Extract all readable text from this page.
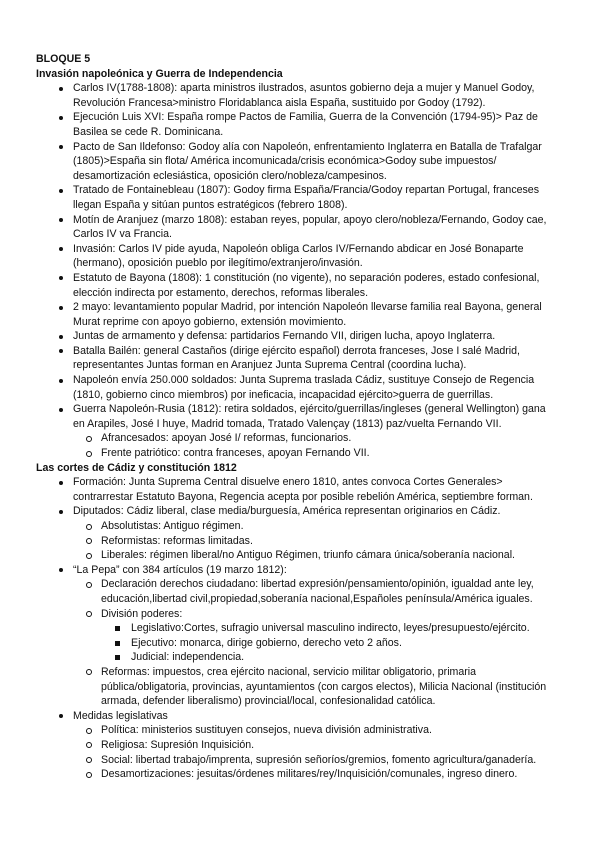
BLOQUE 5
Invasión napoleónica y Guerra de Independencia
Carlos IV(1788-1808): aparta ministros ilustrados, asuntos gobierno deja a mujer y Manuel Godoy, Revolución Francesa>ministro Floridablanca aisla España, sustituido por Godoy (1792).
Ejecución Luis XVI: España rompe Pactos de Familia, Guerra de la Convención (1794-95)> Paz de Basilea se cede R. Dominicana.
Pacto de San Ildefonso: Godoy alía con Napoleón, enfrentamiento Inglaterra en Batalla de Trafalgar (1805)>España sin flota/ América incomunicada/crisis económica>Godoy sube impuestos/ desamortización eclesiástica, oposición clero/nobleza/campesinos.
Tratado de Fontainebleau (1807): Godoy firma España/Francia/Godoy repartan Portugal, franceses llegan España y sitúan puntos estratégicos (febrero 1808).
Motín de Aranjuez (marzo 1808): estaban reyes, popular, apoyo clero/nobleza/Fernando, Godoy cae, Carlos IV va Francia.
Invasión: Carlos IV pide ayuda, Napoleón obliga Carlos IV/Fernando abdicar en José Bonaparte (hermano), oposición pueblo por ilegítimo/extranjero/invasión.
Estatuto de Bayona (1808): 1 constitución (no vigente), no separación poderes, estado confesional, elección indirecta por estamento, derechos, reformas liberales.
2 mayo: levantamiento popular Madrid, por intención Napoleón llevarse familia real Bayona, general Murat reprime con apoyo gobierno, extensión movimiento.
Juntas de armamento y defensa: partidarios Fernando VII, dirigen lucha, apoyo Inglaterra.
Batalla Bailén: general Castaños (dirige ejército español) derrota franceses, Jose I salé Madrid, representantes Juntas forman en Aranjuez Junta Suprema Central (coordina lucha).
Napoleón envía 250.000 soldados: Junta Suprema traslada Cádiz, sustituye Consejo de Regencia (1810, gobierno cinco miembros) por ineficacia, incapacidad ejército>guerra de guerrillas.
Guerra Napoleón-Rusia (1812): retira soldados, ejército/guerrillas/ingleses (general Wellington) gana en Arapiles, José I huye, Madrid tomada, Tratado Valençay (1813) paz/vuelta Fernando VII.
Afrancesados: apoyan José I/ reformas, funcionarios.
Frente patriótico: contra franceses, apoyan Fernando VII.
Las cortes de Cádiz y constitución 1812
Formación: Junta Suprema Central disuelve enero 1810, antes convoca Cortes Generales> contrarrestar Estatuto Bayona, Regencia acepta por posible rebelión América, septiembre forman.
Diputados: Cádiz liberal, clase media/burguesía, América representan originarios en Cádiz.
Absolutistas: Antiguo régimen.
Reformistas: reformas limitadas.
Liberales: régimen liberal/no Antiguo Régimen, triunfo cámara única/soberanía nacional.
“La Pepa” con 384 artículos (19 marzo 1812):
Declaración derechos ciudadano: libertad expresión/pensamiento/opinión, igualdad ante ley, educación,libertad civil,propiedad,soberanía nacional,Españoles península/América iguales.
División poderes:
Legislativo:Cortes, sufragio universal masculino indirecto, leyes/presupuesto/ejército.
Ejecutivo: monarca, dirige gobierno, derecho veto 2 años.
Judicial: independencia.
Reformas: impuestos, crea ejército nacional, servicio militar obligatorio, primaria pública/obligatoria, provincias, ayuntamientos (con cargos electos), Milicia Nacional (institución armada, defender liberalismo) provincial/local, confesionalidad católica.
Medidas legislativas
Política: ministerios sustituyen consejos, nueva división administrativa.
Religiosa: Supresión Inquisición.
Social: libertad trabajo/imprenta, supresión señoríos/gremios, fomento agricultura/ganadería.
Desamortizaciones: jesuitas/órdenes militares/rey/Inquisición/comunales, ingreso dinero.
